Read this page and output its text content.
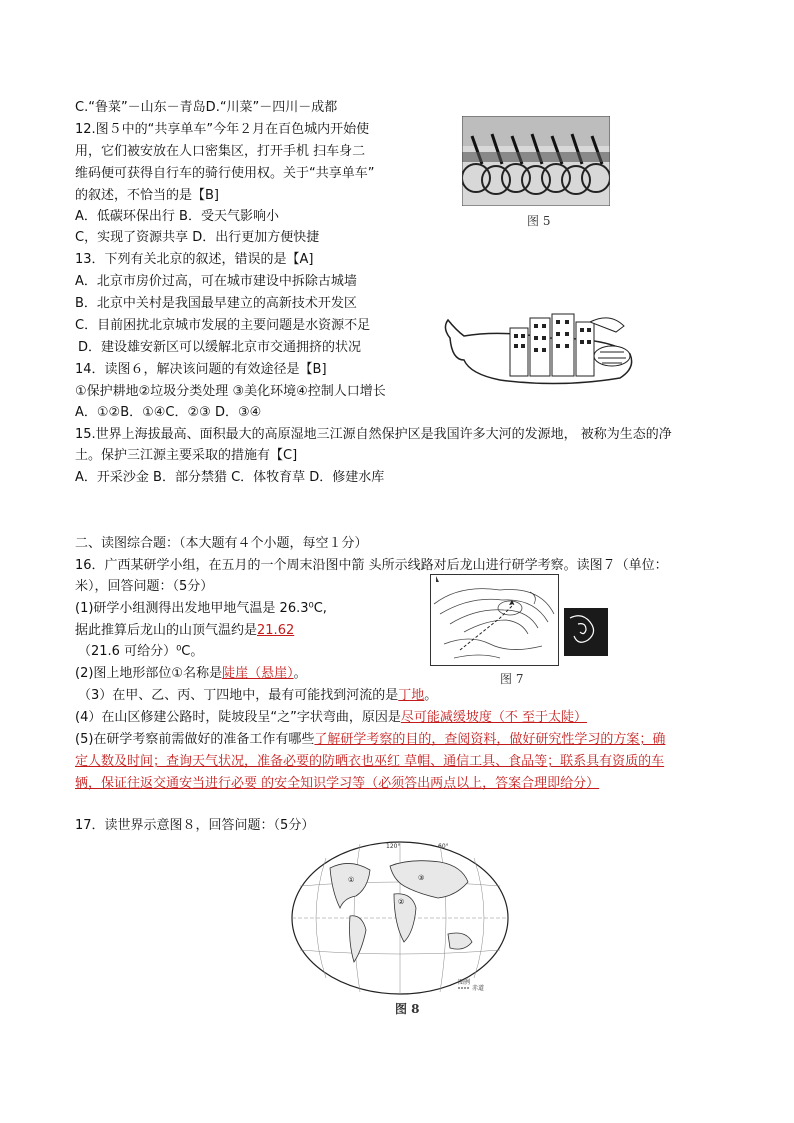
C.“鲁菜”－山东－青岛D.“川菜”－四川－成都
12.图５中的“共享单车”今年２月在百色城内开始使
用，它们被安放在人口密集区，打开手机 扫车身二
维码便可获得自行车的骑行使用权。关于“共享单车”
的叙述，不恰当的是【B]
A．低碳环保出行 B．受天气影响小
C，实现了资源共享 D．出行更加方便快捷
图 5
13．下列有关北京的叙述，错误的是【A]
A．北京市房价过高，可在城市建设中拆除古城墙
B．北京中关村是我国最早建立的高新技术开发区
C．目前困扰北京城市发展的主要问题是水资源不足
D．建设雄安新区可以缓解北京市交通拥挤的状况
14．读图６，解决该问题的有效途径是【B]
①保护耕地②垃圾分类处理 ③美化环境④控制人口增长
A．①②B．①④C．②③ D．③④
15.世界上海拔最高、面积最大的高原湿地三江源自然保护区是我国许多大河的发源地， 被称为生态的净
土。保护三江源主要采取的措施有【C]
A．开采沙金 B．部分禁猎 C．体牧育草 D．修建水库
二、读图综合题：（本大题有４个小题，每空１分）
16．广西某研学小组，在五月的一个周末沿图中箭 头所示线路对后龙山进行研学考察。读图７（单位：
米），回答问题：（5分）
(1)研学小组测得出发地甲地气温是 26.3⁰C,
据此推算后龙山的山顶气温约是21.62
（21.6 可给分）⁰C。
(2)图上地形部位①名称是陡崖（悬崖）。
（3）在甲、乙、丙、丁四地中，最有可能找到河流的是丁地。
(4）在山区修建公路时，陡坡段呈“之”字状弯曲，原因是尽可能减缓坡度（不 至于太陡）
(5)在研学考察前需做好的准备工作有哪些了解研学考察的目的，查阅资料，做好研究性学习的方案；确
定人数及时间；查询天气状况，准备必要的防晒衣也巫红 草帽、通信工具、食品等；联系具有资质的车
辆，保证往返交通安当进行必要 的安全知识学习等（必须答出两点以上，答案合理即给分）
图 7
17．读世界示意图８，回答问题：（5分）
60°
120°
③
①
②
图例
赤道
图 8
